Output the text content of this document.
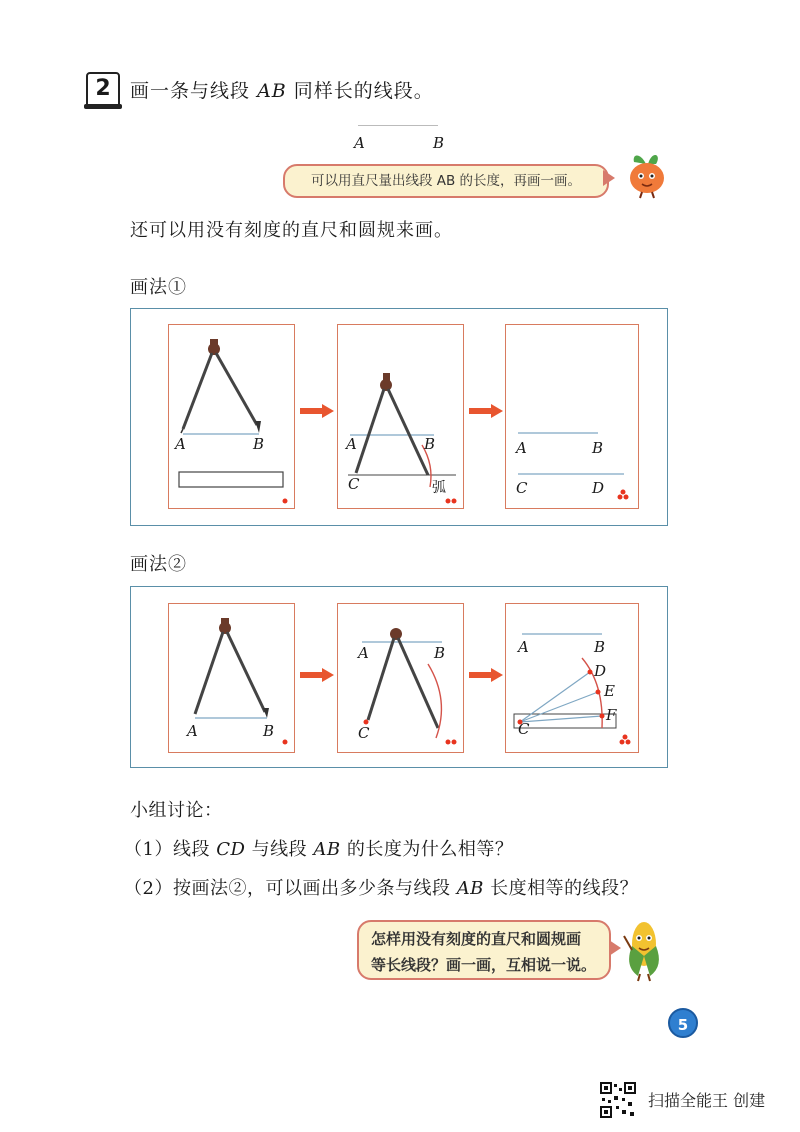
2	画一条与线段 AB 同样长的线段。
A	B
可以用直尺量出线段 AB 的长度，再画一画。
还可以用没有刻度的直尺和圆规来画。
画法①
A	B	A	B
C	弧
A	B
C	D
画法②
A	B
A	B
C
A	B
C
D
E
F
小组讨论：
（1）线段 CD 与线段 AB 的长度为什么相等？
（2）按画法②，可以画出多少条与线段 AB 长度相等的线段？
怎样用没有刻度的直尺和圆规画
等长线段？画一画，互相说一说。
5
扫描全能王 创建
